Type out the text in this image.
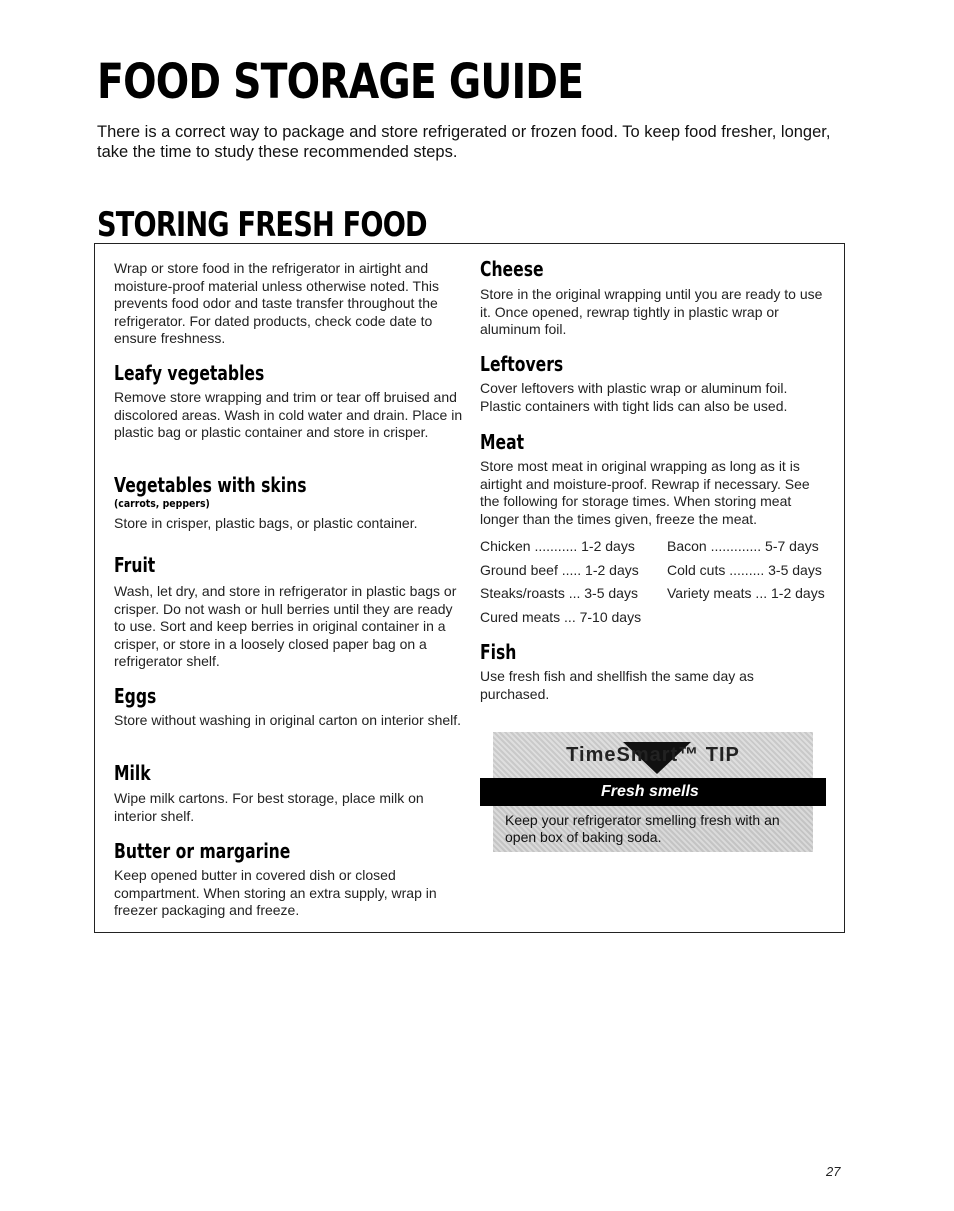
FOOD STORAGE GUIDE

There is a correct way to package and store refrigerated or frozen food. To keep food fresher, longer, take the time to study these recommended steps.

STORING FRESH FOOD

Wrap or store food in the refrigerator in airtight and moisture-proof material unless otherwise noted. This prevents food odor and taste transfer throughout the refrigerator. For dated products, check code date to ensure freshness.

Leafy vegetables

Remove store wrapping and trim or tear off bruised and discolored areas. Wash in cold water and drain. Place in plastic bag or plastic container and store in crisper.

Vegetables with skins

(carrots, peppers)

Store in crisper, plastic bags, or plastic container.

Fruit

Wash, let dry, and store in refrigerator in plastic bags or crisper. Do not wash or hull berries until they are ready to use. Sort and keep berries in original container in a crisper, or store in a loosely closed paper bag on a refrigerator shelf.

Eggs

Store without washing in original carton on interior shelf.

Milk

Wipe milk cartons. For best storage, place milk on interior shelf.

Butter or margarine

Keep opened butter in covered dish or closed compartment. When storing an extra supply, wrap in freezer packaging and freeze.

Cheese

Store in the original wrapping until you are ready to use it. Once opened, rewrap tightly in plastic wrap or aluminum foil.

Leftovers

Cover leftovers with plastic wrap or aluminum foil. Plastic containers with tight lids can also be used.

Meat

Store most meat in original wrapping as long as it is airtight and moisture-proof. Rewrap if necessary. See the following for storage times. When storing meat longer than the times given, freeze the meat.

Chicken ........... 1-2 days	Bacon ............. 5-7 days
Ground beef ..... 1-2 days	Cold cuts ......... 3-5 days
Steaks/roasts ... 3-5 days	Variety meats ... 1-2 days
Cured meats ... 7-10 days
Fish

Use fresh fish and shellfish the same day as purchased.

TimeSmart™ TIP
Fresh smells

Keep your refrigerator smelling fresh with an open box of baking soda.

27
